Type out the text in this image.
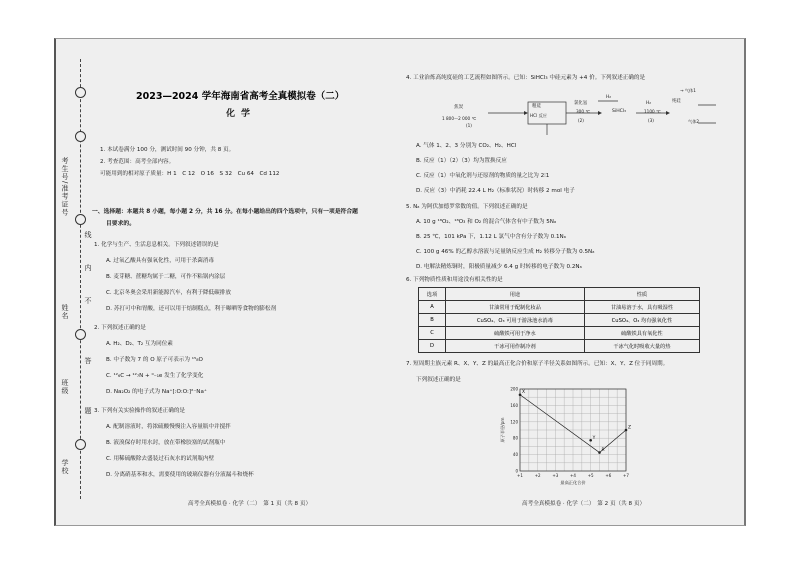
考生号/准考证号
姓名
班级
学校
线
内
不
答
题
2023—2024 学年海南省高考全真模拟卷（二）
化学
1. 本试卷满分 100 分，测试时间 90 分钟，共 8 页。
2. 考查范围：高考全部内容。
可能用到的相对原子质量：H 1　C 12　O 16　S 32　Cu 64　Cd 112
一、选择题：本题共 8 小题，每小题 2 分，共 16 分。在每小题给出的四个选项中，只有一项是符合题
目要求的。
1. 化学与生产、生活息息相关。下列叙述错误的是
A. 过氧乙酸具有强氧化性，可用于杀菌消毒
B. 麦芽糖、蔗糖均属于二糖，可作不粘锅内涂层
C. 北京冬奥会采用新能源汽车，有利于降低碳排放
D. 苏打可中和胃酸，还可以用于焙制糕点，利于曝晒等食物的膨松剂
2. 下列叙述正确的是
A. H₂、D₂、T₂ 互为同位素
B. 中子数为 7 的 O 原子可表示为 ¹⁵₈O
C. ¹²₆C → ¹²₇N + ⁰₋₁e 发生了化学变化
D. Na₂O₂ 的电子式为 Na⁺[:O:O:]²⁻Na⁺
3. 下列有关实验操作的叙述正确的是
A. 配制溶液时，将浓硫酸慢慢注入容量瓶中并搅拌
B. 液溴保存时用水封，放在带橡胶塞的试剂瓶中
C. 用稀硫酸除去盛装过石灰水的试剂瓶内壁
D. 分离硝基苯和水，需要使用的玻璃仪器有分液漏斗和烧杯
高考全真模拟卷 · 化学（二）　第 1 页（共 8 页）
4. 工业治炼高纯度硅的工艺流程如图所示。已知：SiHCl₃ 中硅元素为 +4 价。下列叙述正确的是
焦炭
1 800～2 000 ℃
(1)
粗硅
HCl 反应
氯化氢
300 ℃
(2)
SiHCl₃
H₂
H₂
1100 ℃
(3)
纯硅
→ 气体1
气体2
A. 气体 1、2、3 分别为 CO₂、H₂、HCl
B. 反应（1）（2）（3）均为置换反应
C. 反应（1）中氧化剂与还原剂的物质的量之比为 2∶1
D. 反应（3）中消耗 22.4 L H₂（标准状况）时转移 2 mol 电子
5. Nₐ 为阿伏加德罗常数的值。下列叙述正确的是
A. 10 g ¹⁸O₂、¹⁸O₃ 和 O₂ 的混合气体含有中子数为 5Nₐ
B. 25 ℃，101 kPa 下，1.12 L 氯气中含有分子数为 0.1Nₐ
C. 100 g 46% 的乙醇水溶液与足量钠反应生成 H₂ 转移分子数为 0.5Nₐ
D. 电解法精炼铜时，阳极质量减少 6.4 g 时转移的电子数为 0.2Nₐ
6. 下列物质性质和用途没有相关性的是
选项	用途	性质
A	甘油常用于配制化妆品	甘油易溶于水，具有吸湿性
B	CuSO₄、O₃ 可用于游泳池水消毒	CuSO₄、O₃ 均有强氧化性
C	硫酸铁可用于净水	硫酸铁具有氧化性
D	干冰可用作制冷剂	干冰气化时吸收大量的热
7. 短周期主族元素 R、X、Y、Z 的最高正化合价和原子半径关系如图所示。已知：X、Y、Z 位于同周期。
下列叙述正确的是
高考全真模拟卷 · 化学（二）　第 2 页（共 8 页）
0
40
80
120
160
200
+1	+2	+3	+4	+5	+6	+7
原子半径/pm
最高正化合价
X
Y
R
Z
